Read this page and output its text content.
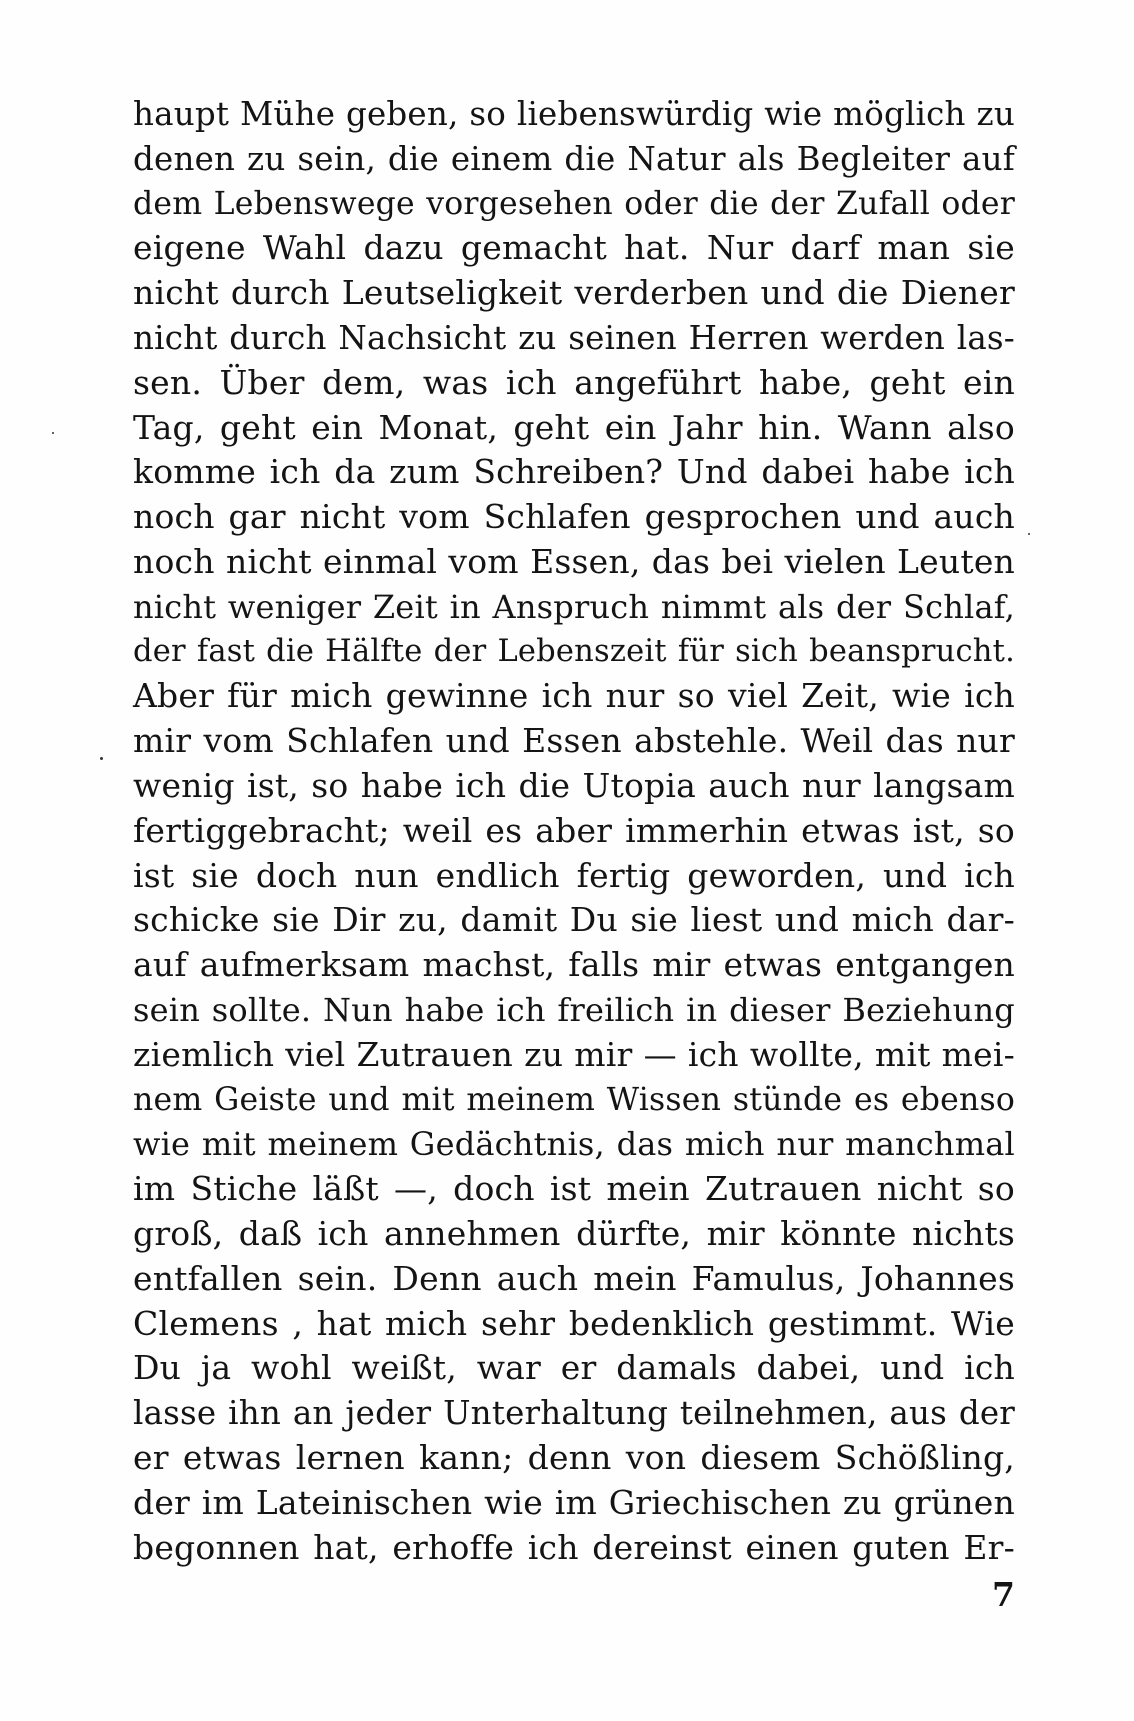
haupt Mühe geben, so liebenswürdig wie möglich zu
denen zu sein, die einem die Natur als Begleiter auf
dem Lebenswege vorgesehen oder die der Zufall oder
eigene Wahl dazu gemacht hat. Nur darf man sie
nicht durch Leutseligkeit verderben und die Diener
nicht durch Nachsicht zu seinen Herren werden las-
sen. Über dem, was ich angeführt habe, geht ein
Tag, geht ein Monat, geht ein Jahr hin. Wann also
komme ich da zum Schreiben? Und dabei habe ich
noch gar nicht vom Schlafen gesprochen und auch
noch nicht einmal vom Essen, das bei vielen Leuten
nicht weniger Zeit in Anspruch nimmt als der Schlaf,
der fast die Hälfte der Lebenszeit für sich beansprucht.
Aber für mich gewinne ich nur so viel Zeit, wie ich
mir vom Schlafen und Essen abstehle. Weil das nur
wenig ist, so habe ich die Utopia auch nur langsam
fertiggebracht; weil es aber immerhin etwas ist, so
ist sie doch nun endlich fertig geworden, und ich
schicke sie Dir zu, damit Du sie liest und mich dar-
auf aufmerksam machst, falls mir etwas entgangen
sein sollte. Nun habe ich freilich in dieser Beziehung
ziemlich viel Zutrauen zu mir — ich wollte, mit mei-
nem Geiste und mit meinem Wissen stünde es ebenso
wie mit meinem Gedächtnis, das mich nur manchmal
im Stiche läßt —, doch ist mein Zutrauen nicht so
groß, daß ich annehmen dürfte, mir könnte nichts
entfallen sein. Denn auch mein Famulus, Johannes
Clemens , hat mich sehr bedenklich gestimmt. Wie
Du ja wohl weißt, war er damals dabei, und ich
lasse ihn an jeder Unterhaltung teilnehmen, aus der
er etwas lernen kann; denn von diesem Schößling,
der im Lateinischen wie im Griechischen zu grünen
begonnen hat, erhoffe ich dereinst einen guten Er-
7
